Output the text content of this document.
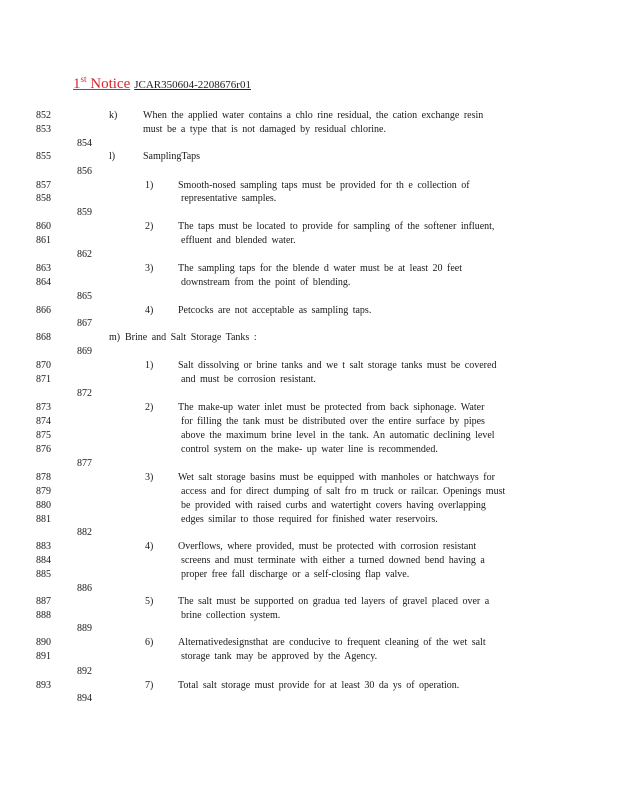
1st Notice JCAR350604-2208676r01
852	k)	When the applied water contains a chlo rine residual, the cation exchange resin
853	must be a type that is not damaged by residual chlorine.
855	l)	SamplingTaps
857	1) Smooth-nosed sampling taps must be provided for th e collection of
858	representative samples.
860	2) The taps must be located to provide for sampling of the softener influent,
861	effluent and blended water.
863	3) The sampling taps for the blende d water must be at least 20 feet
864	downstream from the point of blending.
866	4) Petcocks are not acceptable as sampling taps.
868	m) Brine and Salt Storage Tanks :
870	1) Salt dissolving or brine tanks and we t salt storage tanks must be covered
871	and must be corrosion resistant.
873	2) The make-up water inlet must be protected from back siphonage. Water
874	for filling the tank must be distributed over the entire surface by pipes
875	above the maximum brine level in the tank. An automatic declining level
876	control system on the make- up water line is recommended.
878	3) Wet salt storage basins must be equipped with manholes or hatchways for
879	access and for direct dumping of salt fro m truck or railcar. Openings must
880	be provided with raised curbs and watertight covers having overlapping
881	edges similar to those required for finished water reservoirs.
883	4) Overflows, where provided, must be protected with corrosion resistant
884	screens and must terminate with either a turned downed bend having a
885	proper free fall discharge or a self-closing flap valve.
887	5) The salt must be supported on gradua ted layers of gravel placed over a
888	brine collection system.
890	6) Alternativedesignsthat are conducive to frequent cleaning of the wet salt
891	storage tank may be approved by the Agency.
893	7) Total salt storage must provide for at least 30 da ys of operation.
854
856
859
862
865
867
869
872
877
882
886
889
892
894
